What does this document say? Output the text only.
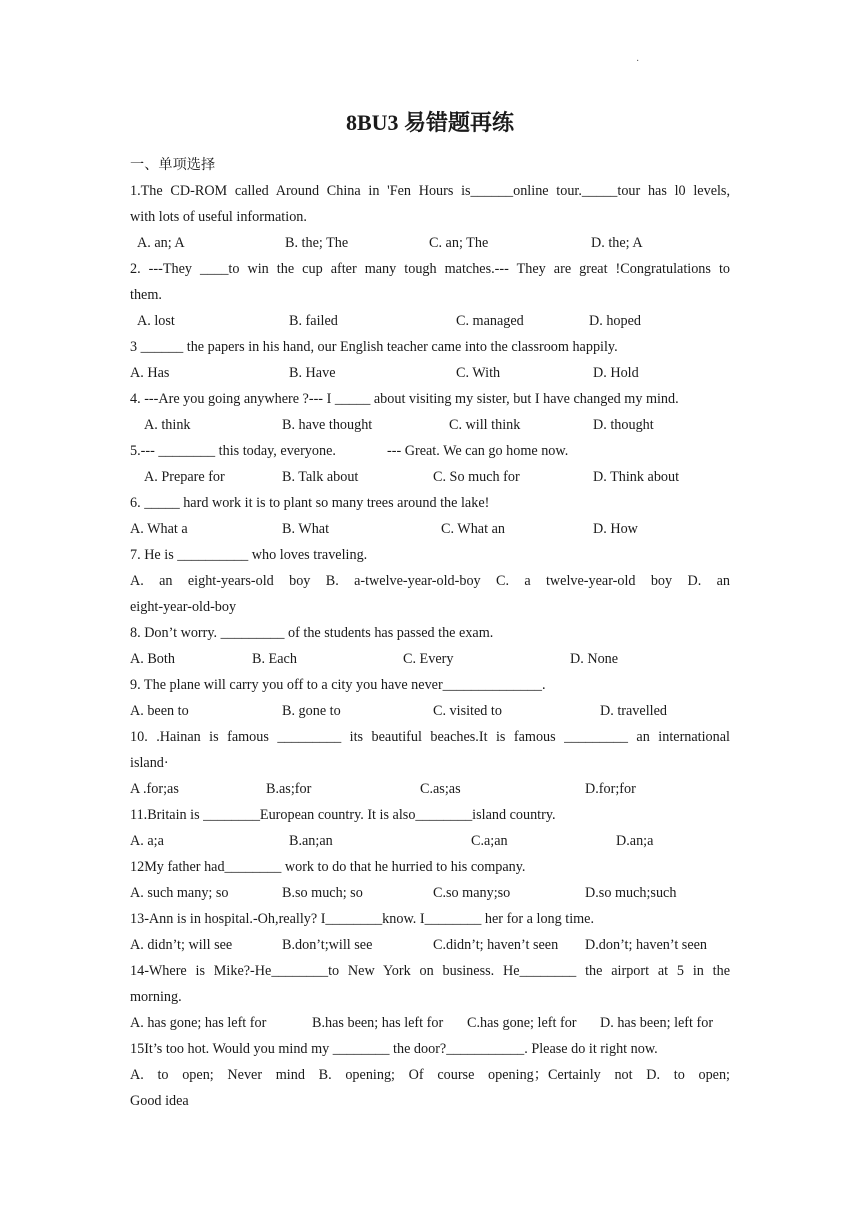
·
8BU3 易错题再练
一、单项选择
1.The CD-ROM called Around China in 'Fen Hours is______online tour._____tour has l0 levels,
with lots of useful information.
A. an; A	B. the; The	C. an; The	D. the; A
2. ---They ____to win the cup after many tough matches.--- They are great !Congratulations to
them.
A. lost	B. failed	C. managed	D. hoped
3 ______ the papers in his hand, our English teacher came into the classroom happily.
A. Has	B. Have	C. With	D. Hold
4. ---Are you going anywhere ?--- I _____ about visiting my sister, but I have changed my mind.
A. think	B. have thought	C. will think	D. thought
5.--- ________ this today, everyone.	--- Great. We can go home now.
A. Prepare for	B. Talk about	C. So much for	D. Think about
6. _____ hard work it is to plant so many trees around the lake!
A. What a	B. What	C. What an	D. How
7. He is __________ who loves traveling.
A. an eight-years-old boy B. a-twelve-year-old-boy C. a twelve-year-old boy D. an
eight-year-old-boy
8. Don’t worry. _________ of the students has passed the exam.
A. Both	B. Each	C. Every	D. None
9. The plane will carry you off to a city you have never______________.
A. been to	B. gone to	C. visited to	D. travelled
10. .Hainan is famous _________ its beautiful beaches.It is famous _________ an international
island·
A .for;as	B.as;for	C.as;as	D.for;for
11.Britain is ________European country. It is also________island country.
A. a;a	B.an;an	C.a;an	D.an;a
12My father had________ work to do that he hurried to his company.
A. such many; so	B.so much; so	C.so many;so	D.so much;such
13-Ann is in hospital.-Oh,really? I________know. I________ her for a long time.
A. didn’t; will see	B.don’t;will see	C.didn’t; haven’t seen D.don’t; haven’t seen
14-Where is Mike?-He________to New York on business. He________ the airport at 5 in the
morning.
A. has gone; has left for	B.has been; has left for C.has gone; left for D. has been; left for
15It’s too hot. Would you mind my ________ the door?___________. Please do it right now.
A. to open; Never mind B. opening; Of course opening；Certainly not D. to open;
Good idea
